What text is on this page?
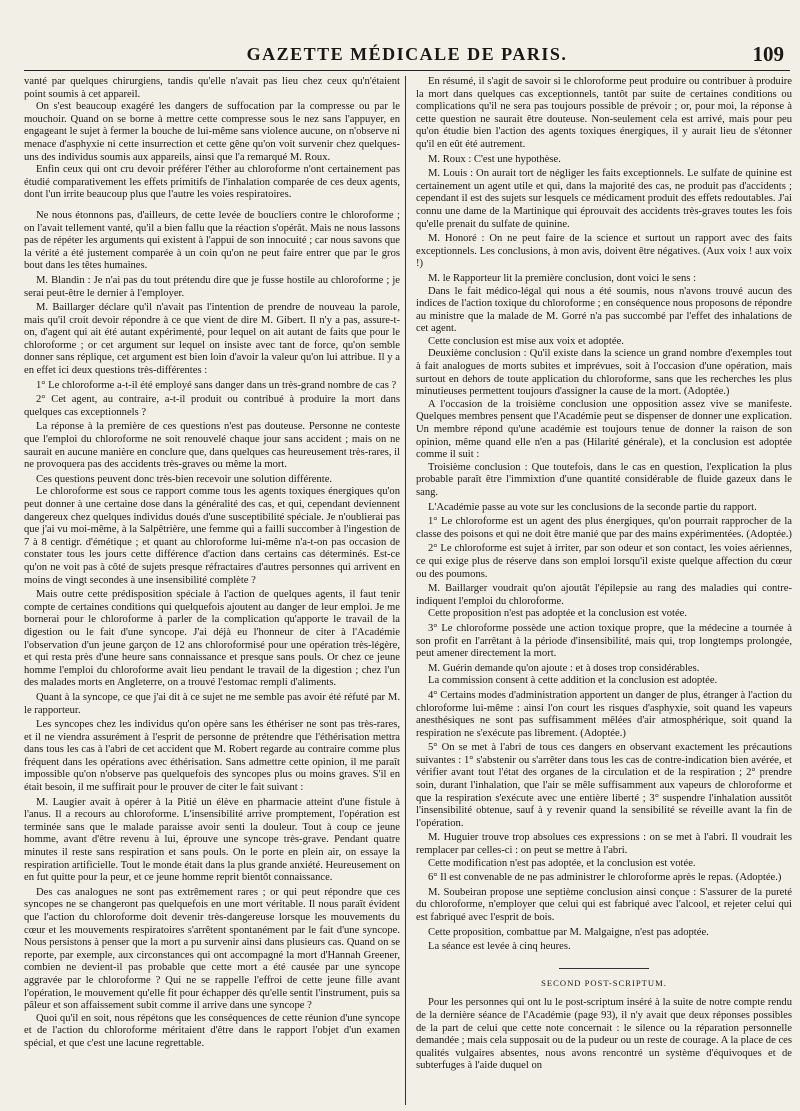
GAZETTE MÉDICALE DE PARIS.	109

vanté par quelques chirurgiens, tandis qu'elle n'avait pas lieu chez ceux qu'n'étaient point soumis à cet appareil.

On s'est beaucoup exagéré les dangers de suffocation par la compresse ou par le mouchoir. Quand on se borne à mettre cette compresse sous le nez sans l'appuyer, en engageant le sujet à fermer la bouche de lui-même sans violence aucune, on n'observe ni menace d'asphyxie ni cette insurrection et cette gêne qu'on voit survenir chez quelques-uns des individus soumis aux appareils, ainsi que l'a remarqué M. Roux.

Enfin ceux qui ont cru devoir préférer l'éther au chloroforme n'ont certainement pas étudié comparativement les effets primitifs de l'inhalation comparée de ces deux agents, dont l'un irrite beaucoup plus que l'autre les voies respiratoires.

Ne nous étonnons pas, d'ailleurs, de cette levée de boucliers contre le chloroforme ; on l'avait tellement vanté, qu'il a bien fallu que la réaction s'opérât. Mais ne nous lassons pas de répéter les arguments qui existent à l'appui de son innocuité ; car nous savons que la vérité a été justement comparée à un coin qu'on ne peut faire entrer que par le gros bout dans les têtes humaines.

M. Blandin : Je n'ai pas du tout prétendu dire que je fusse hostile au chloroforme ; je serai peut-être le dernier à l'employer.

M. Baillarger déclare qu'il n'avait pas l'intention de prendre de nouveau la parole, mais qu'il croit devoir répondre à ce que vient de dire M. Gibert. Il n'y a pas, assure-t-on, d'agent qui ait été autant expérimenté, pour lequel on ait autant de faits que pour le chloroforme ; or cet argument sur lequel on insiste avec tant de force, qu'on semble donner sans réplique, cet argument est bien loin d'avoir la valeur qu'on lui attribue. Il y a en effet ici deux questions très-différentes :

1° Le chloroforme a-t-il été employé sans danger dans un très-grand nombre de cas ?

2° Cet agent, au contraire, a-t-il produit ou contribué à produire la mort dans quelques cas exceptionnels ?

La réponse à la première de ces questions n'est pas douteuse. Personne ne conteste que l'emploi du chloroforme ne soit renouvelé chaque jour sans accident ; mais on ne saurait en aucune manière en conclure que, dans quelques cas heureusement très-rares, il ne provoquera pas des accidents très-graves ou même la mort.

Ces questions peuvent donc très-bien recevoir une solution différente.

Le chloroforme est sous ce rapport comme tous les agents toxiques énergiques qu'on peut donner à une certaine dose dans la généralité des cas, et qui, cependant deviennent dangereux chez quelques individus doués d'une susceptibilité spéciale. Je n'oublierai pas que j'ai vu moi-même, à la Salpêtrière, une femme qui a failli succomber à l'ingestion de 7 à 8 centigr. d'émétique ; et quant au chloroforme lui-même n'a-t-on pas occasion de constater tous les jours cette différence d'action dans certains cas déterminés. Est-ce qu'on ne voit pas à côté de sujets presque réfractaires d'autres personnes qui arrivent en moins de vingt secondes à une insensibilité complète ?

Mais outre cette prédisposition spéciale à l'action de quelques agents, il faut tenir compte de certaines conditions qui quelquefois ajoutent au danger de leur emploi. Je me bornerai pour le chloroforme à parler de la complication qu'apporte le travail de la digestion ou le fait d'une syncope. J'ai déjà eu l'honneur de citer à l'Académie l'observation d'un jeune garçon de 12 ans chloroformisé pour une opération très-légère, et qui resta près d'une heure sans connaissance et presque sans pouls. Or chez ce jeune homme l'emploi du chloroforme avait lieu pendant le travail de la digestion ; chez l'un des malades morts en Angleterre, on a trouvé l'estomac rempli d'aliments.

Quant à la syncope, ce que j'ai dit à ce sujet ne me semble pas avoir été réfuté par M. le rapporteur.

Les syncopes chez les individus qu'on opère sans les éthériser ne sont pas très-rares, et il ne viendra assurément à l'esprit de personne de prétendre que l'éthérisation mettra dans tous les cas à l'abri de cet accident que M. Robert regarde au contraire comme plus fréquent dans les opérations avec éthérisation. Sans admettre cette opinion, il me paraît impossible qu'on n'observe pas quelquefois des syncopes plus ou moins graves. S'il en était besoin, il me suffirait pour le prouver de citer le fait suivant :

M. Laugier avait à opérer à la Pitié un élève en pharmacie atteint d'une fistule à l'anus. Il a recours au chloroforme. L'insensibilité arrive promptement, l'opération est terminée sans que le malade paraisse avoir senti la douleur. Tout à coup ce jeune homme, avant d'être revenu à lui, éprouve une syncope très-grave. Pendant quatre minutes il reste sans respiration et sans pouls. On le porte en plein air, on essaye la respiration artificielle. Tout le monde était dans la plus grande anxiété. Heureusement on en fut quitte pour la peur, et ce jeune homme reprit bientôt connaissance.

Des cas analogues ne sont pas extrêmement rares ; or qui peut répondre que ces syncopes ne se changeront pas quelquefois en une mort véritable. Il nous paraît évident que l'action du chloroforme doit devenir très-dangereuse lorsque les mouvements du cœur et les mouvements respiratoires s'arrêtent spontanément par le fait d'une syncope. Nous persistons à penser que la mort a pu survenir ainsi dans plusieurs cas. Quand on se reporte, par exemple, aux circonstances qui ont accompagné la mort d'Hannah Greener, combien ne devient-il pas probable que cette mort a été causée par une syncope aggravée par le chloroforme ? Qui ne se rappelle l'effroi de cette jeune fille avant l'opération, le mouvement qu'elle fit pour échapper dès qu'elle sentit l'instrument, puis sa pâleur et son affaissement subit comme il arrive dans une syncope ?

Quoi qu'il en soit, nous répétons que les conséquences de cette réunion d'une syncope et de l'action du chloroforme méritaient d'être dans le rapport l'objet d'un examen spécial, et que c'est une lacune regrettable.

En résumé, il s'agit de savoir si le chloroforme peut produire ou contribuer à produire la mort dans quelques cas exceptionnels, tantôt par suite de certaines conditions ou complications qu'il ne sera pas toujours possible de prévoir ; or, pour moi, la réponse à cette question ne saurait être douteuse. Non-seulement cela est arrivé, mais pour peu qu'on étudie bien l'action des agents toxiques énergiques, il y aurait lieu de s'étonner qu'il en eût été autrement.

M. Roux : C'est une hypothèse.

M. Louis : On aurait tort de négliger les faits exceptionnels. Le sulfate de quinine est certainement un agent utile et qui, dans la majorité des cas, ne produit pas d'accidents ; cependant il est des sujets sur lesquels ce médicament produit des effets redoutables. J'ai connu une dame de la Martinique qui éprouvait des accidents très-graves toutes les fois qu'elle prenait du sulfate de quinine.

M. Honoré : On ne peut faire de la science et surtout un rapport avec des faits exceptionnels. Les conclusions, à mon avis, doivent être négatives. (Aux voix ! aux voix !)

M. le Rapporteur lit la première conclusion, dont voici le sens :

Dans le fait médico-légal qui nous a été soumis, nous n'avons trouvé aucun des indices de l'action toxique du chloroforme ; en conséquence nous proposons de répondre au ministre que la malade de M. Gorré n'a pas succombé par l'effet des inhalations de cet agent.

Cette conclusion est mise aux voix et adoptée.

Deuxième conclusion : Qu'il existe dans la science un grand nombre d'exemples tout à fait analogues de morts subites et imprévues, soit à l'occasion d'une opération, mais surtout en dehors de toute application du chloroforme, sans que les recherches les plus minutieuses permettent toujours d'assigner la cause de la mort. (Adoptée.)

A l'occasion de la troisième conclusion une opposition assez vive se manifeste. Quelques membres pensent que l'Académie peut se dispenser de donner une explication. Un membre répond qu'une académie est toujours tenue de donner la raison de son opinion, même quand elle n'en a pas (Hilarité générale), et la conclusion est adoptée comme il suit :

Troisième conclusion : Que toutefois, dans le cas en question, l'explication la plus probable paraît être l'immixtion d'une quantité considérable de fluide gazeux dans le sang.

L'Académie passe au vote sur les conclusions de la seconde partie du rapport.

1° Le chloroforme est un agent des plus énergiques, qu'on pourrait rapprocher de la classe des poisons et qui ne doit être manié que par des mains expérimentées. (Adoptée.)

2° Le chloroforme est sujet à irriter, par son odeur et son contact, les voies aériennes, ce qui exige plus de réserve dans son emploi lorsqu'il existe quelque affection du cœur ou des poumons.

M. Baillarger voudrait qu'on ajoutât l'épilepsie au rang des maladies qui contre-indiquent l'emploi du chloroforme.

Cette proposition n'est pas adoptée et la conclusion est votée.

3° Le chloroforme possède une action toxique propre, que la médecine a tournée à son profit en l'arrêtant à la période d'insensibilité, mais qui, trop longtemps prolongée, peut amener directement la mort.

M. Guérin demande qu'on ajoute : et à doses trop considérables.

La commission consent à cette addition et la conclusion est adoptée.

4° Certains modes d'administration apportent un danger de plus, étranger à l'action du chloroforme lui-même : ainsi l'on court les risques d'asphyxie, soit quand les vapeurs anesthésiques ne sont pas suffisamment mêlées d'air atmosphérique, soit quand la respiration ne s'exécute pas librement. (Adoptée.)

5° On se met à l'abri de tous ces dangers en observant exactement les précautions suivantes : 1° s'abstenir ou s'arrêter dans tous les cas de contre-indication bien avérée, et vérifier avant tout l'état des organes de la circulation et de la respiration ; 2° prendre soin, durant l'inhalation, que l'air se mêle suffisamment aux vapeurs de chloroforme et que la respiration s'exécute avec une entière liberté ; 3° suspendre l'inhalation aussitôt l'insensibilité obtenue, sauf à y revenir quand la sensibilité se réveille avant la fin de l'opération.

M. Huguier trouve trop absolues ces expressions : on se met à l'abri. Il voudrait les remplacer par celles-ci : on peut se mettre à l'abri.

Cette modification n'est pas adoptée, et la conclusion est votée.

6° Il est convenable de ne pas administrer le chloroforme après le repas. (Adoptée.)

M. Soubeiran propose une septième conclusion ainsi conçue : S'assurer de la pureté du chloroforme, n'employer que celui qui est fabriqué avec l'alcool, et rejeter celui qui est fabriqué avec l'esprit de bois.

Cette proposition, combattue par M. Malgaigne, n'est pas adoptée.

La séance est levée à cinq heures.

SECOND POST-SCRIPTUM.

Pour les personnes qui ont lu le post-scriptum inséré à la suite de notre compte rendu de la dernière séance de l'Académie (page 93), il n'y avait que deux réponses possibles de la part de celui que cette note concernait : le silence ou la réparation personnelle demandée ; mais cela supposait ou de la pudeur ou un reste de courage. A la place de ces qualités vulgaires absentes, nous avons rencontré un système d'équivoques et de subterfuges à l'aide duquel on
